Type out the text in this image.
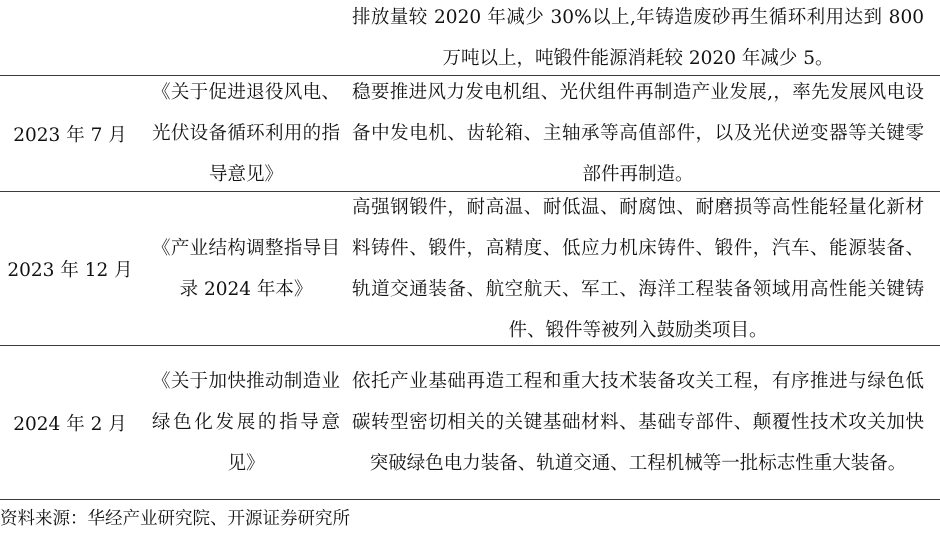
排放量较 2020 年减少 30%以上,年铸造废砂再生循环利用达到 800 万吨以上，吨锻件能源消耗较 2020 年减少 5。
2023 年 7 月
《关于促进退役风电、光伏设备循环利用的指导意见》
稳要推进风力发电机组、光伏组件再制造产业发展,，率先发展风电设备中发电机、齿轮箱、主轴承等高值部件，以及光伏逆变器等关键零部件再制造。
2023 年 12 月
《产业结构调整指导目录 2024 年本》
高强钢锻件，耐高温、耐低温、耐腐蚀、耐磨损等高性能轻量化新材料铸件、锻件，高精度、低应力机床铸件、锻件，汽车、能源装备、轨道交通装备、航空航天、军工、海洋工程装备领域用高性能关键铸件、锻件等被列入鼓励类项目。
2024 年 2 月
《关于加快推动制造业绿色化发展的指导意见》
依托产业基础再造工程和重大技术装备攻关工程，有序推进与绿色低碳转型密切相关的关键基础材料、基础专部件、颠覆性技术攻关加快突破绿色电力装备、轨道交通、工程机械等一批标志性重大装备。
资料来源：华经产业研究院、开源证券研究所
